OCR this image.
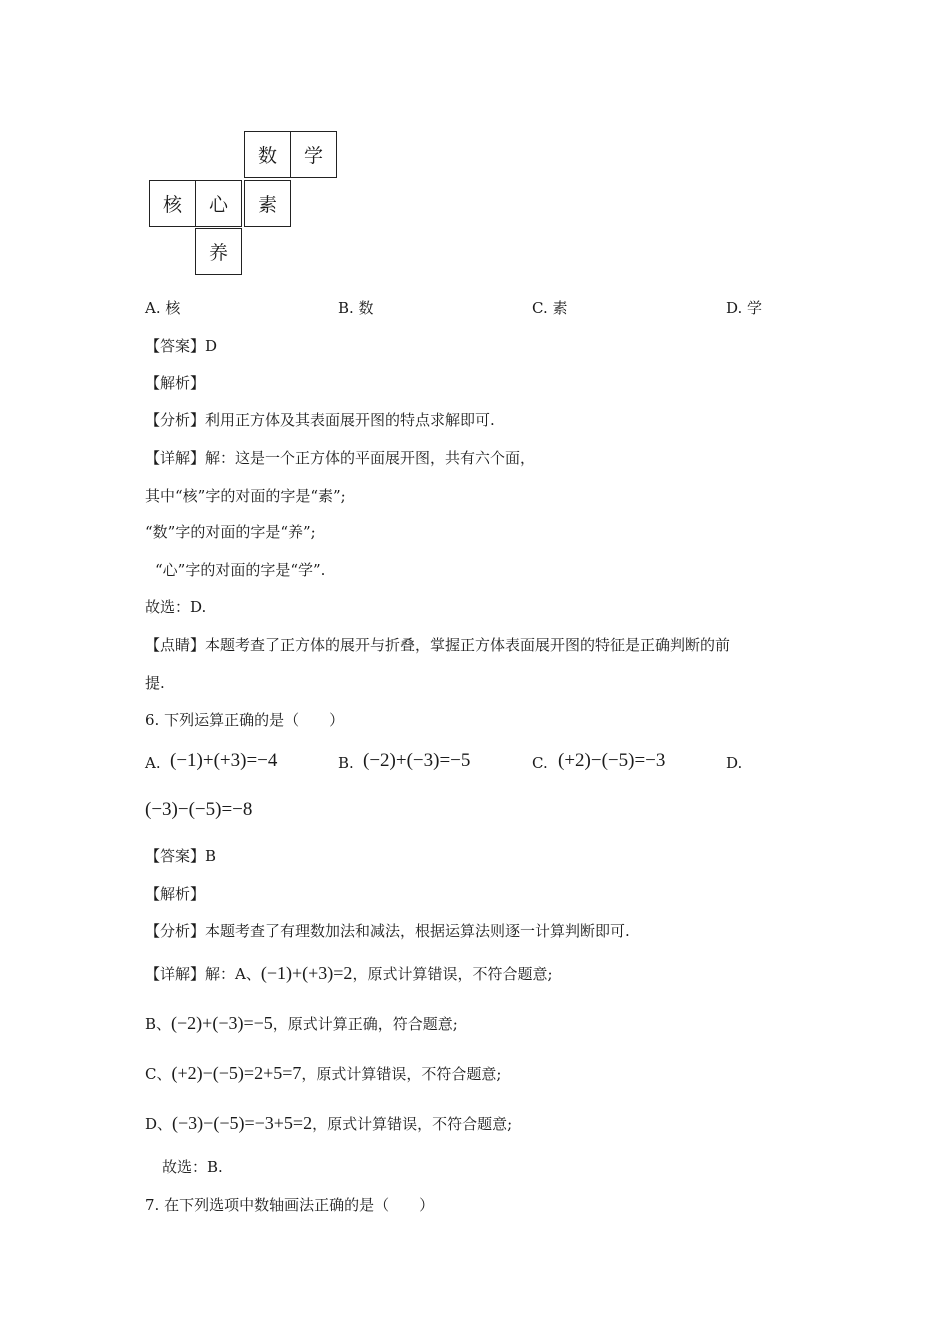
数	学
核	心	素
养
A. 核	B. 数	C. 素	D. 学
【答案】D
【解析】
【分析】利用正方体及其表面展开图的特点求解即可.
【详解】解：这是一个正方体的平面展开图，共有六个面，
其中“核”字的对面的字是“素”;
“数”字的对面的字是“养”;
“心”字的对面的字是“学”.
故选：D.
【点睛】本题考查了正方体的展开与折叠，掌握正方体表面展开图的特征是正确判断的前
提.
6. 下列运算正确的是（　　）
A. (−1)+(+3)=−4	B. (−2)+(−3)=−5	C. (+2)−(−5)=−3	D.
(−3)−(−5)=−8
【答案】B
【解析】
【分析】本题考查了有理数加法和减法，根据运算法则逐一计算判断即可.
【详解】解：A、(−1)+(+3)=2，原式计算错误，不符合题意;
B、(−2)+(−3)=−5，原式计算正确，符合题意;
C、(+2)−(−5)=2+5=7，原式计算错误，不符合题意;
D、(−3)−(−5)=−3+5=2，原式计算错误，不符合题意;
故选：B.
7. 在下列选项中数轴画法正确的是（　　）
